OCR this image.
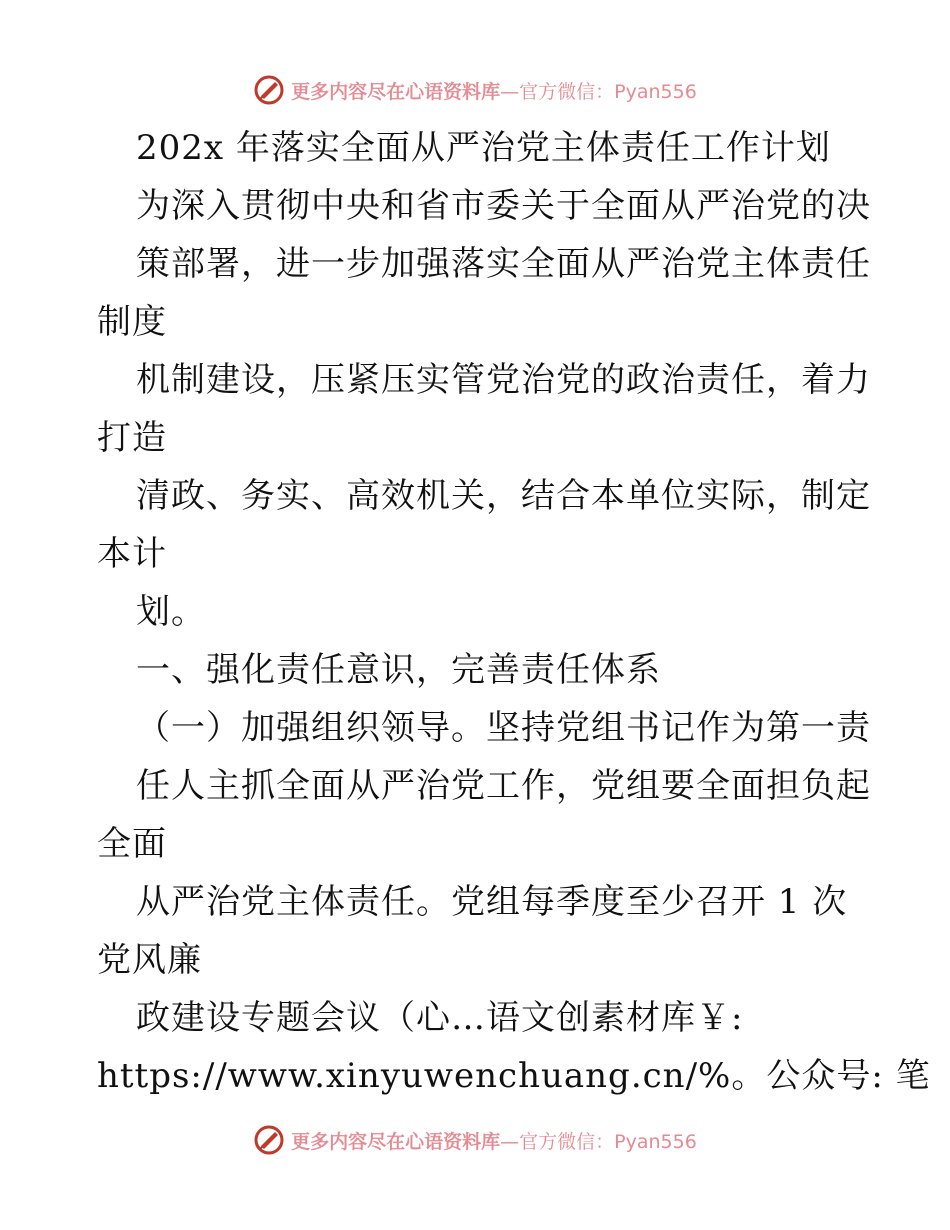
更多内容尽在心语资料库 —官方微信：Pyan556
202x 年落实全面从严治党主体责任工作计划
为深入贯彻中央和省市委关于全面从严治党的决
策部署，进一步加强落实全面从严治党主体责任
制度
机制建设，压紧压实管党治党的政治责任，着力
打造
清政、务实、高效机关，结合本单位实际，制定
本计
划。
一、强化责任意识，完善责任体系
（一）加强组织领导。坚持党组书记作为第一责
任人主抓全面从严治党工作，党组要全面担负起
全面
从严治党主体责任。党组每季度至少召开 1 次
党风廉
政建设专题会议（心…语文创素材库￥:
https://www.xinyuwenchuang.cn/%。公众号: 笔
更多内容尽在心语资料库 —官方微信：Pyan556
